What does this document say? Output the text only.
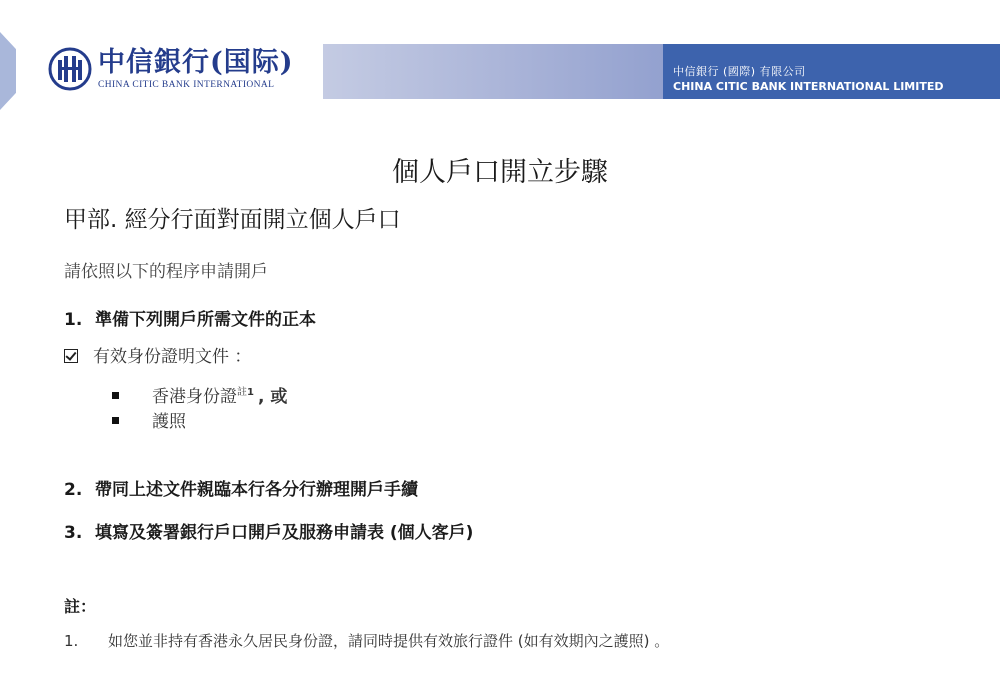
中信銀行(国际)
CHINA CITIC BANK INTERNATIONAL
中信銀行 (國際) 有限公司
CHINA CITIC BANK INTERNATIONAL LIMITED
個人戶口開立步驟
甲部. 經分行面對面開立個人戶口
請依照以下的程序申請開戶
1. 準備下列開戶所需文件的正本
有效身份證明文件 ：
香港身份證$^{註1}$ , 或
護照
2. 帶同上述文件親臨本行各分行辦理開戶手續
3. 填寫及簽署銀行戶口開戶及服務申請表 (個人客戶)
註：
1. 如您並非持有香港永久居民身份證，請同時提供有效旅行證件 (如有效期內之護照) 。
